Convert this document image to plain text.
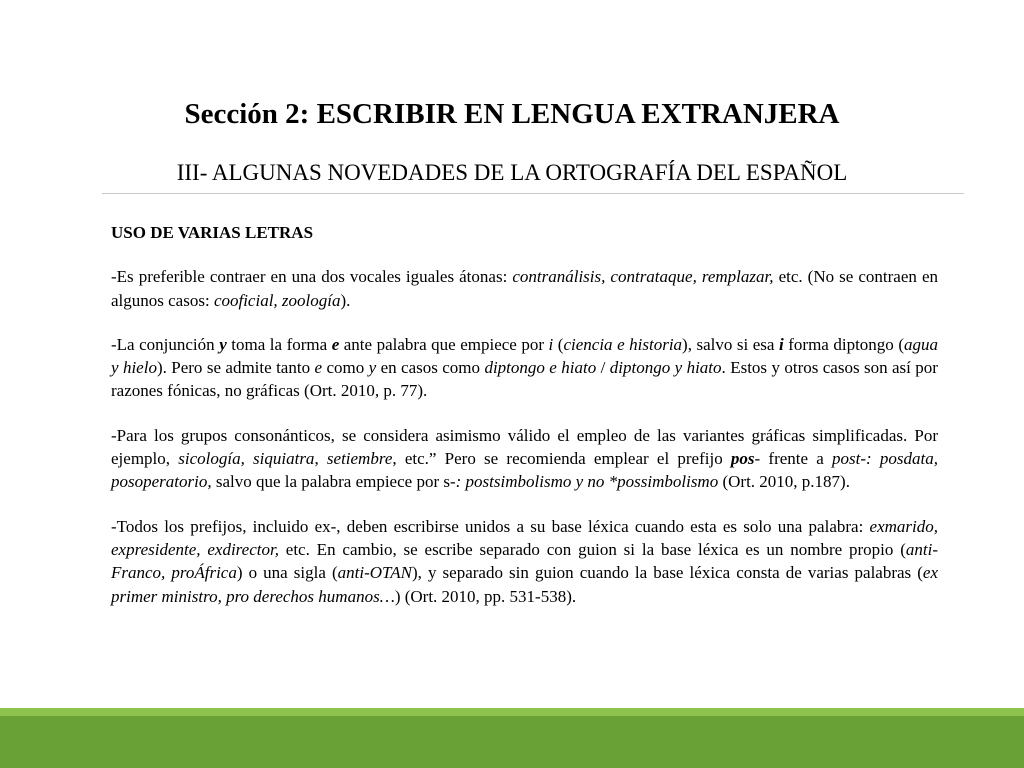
Sección 2: ESCRIBIR EN LENGUA EXTRANJERA
III- ALGUNAS NOVEDADES DE LA ORTOGRAFÍA DEL ESPAÑOL
USO DE VARIAS LETRAS

-Es preferible contraer en una dos vocales iguales átonas: contranálisis, contrataque, remplazar, etc. (No se contraen en algunos casos: cooficial, zoología).

-La conjunción y toma la forma e ante palabra que empiece por i (ciencia e historia), salvo si esa i forma diptongo (agua y hielo). Pero se admite tanto e como y en casos como diptongo e hiato / diptongo y hiato. Estos y otros casos son así por razones fónicas, no gráficas (Ort. 2010, p. 77).

-Para los grupos consonánticos, se considera asimismo válido el empleo de las variantes gráficas simplificadas. Por ejemplo, sicología, siquiatra, setiembre, etc.” Pero se recomienda emplear el prefijo pos- frente a post-: posdata, posoperatorio, salvo que la palabra empiece por s-: postsimbolismo y no *possimbolismo (Ort. 2010, p.187).

-Todos los prefijos, incluido ex-, deben escribirse unidos a su base léxica cuando esta es solo una palabra: exmarido, expresidente, exdirector, etc. En cambio, se escribe separado con guion si la base léxica es un nombre propio (anti-Franco, proÁfrica) o una sigla (anti-OTAN), y separado sin guion cuando la base léxica consta de varias palabras (ex primer ministro, pro derechos humanos…) (Ort. 2010, pp. 531-538).
